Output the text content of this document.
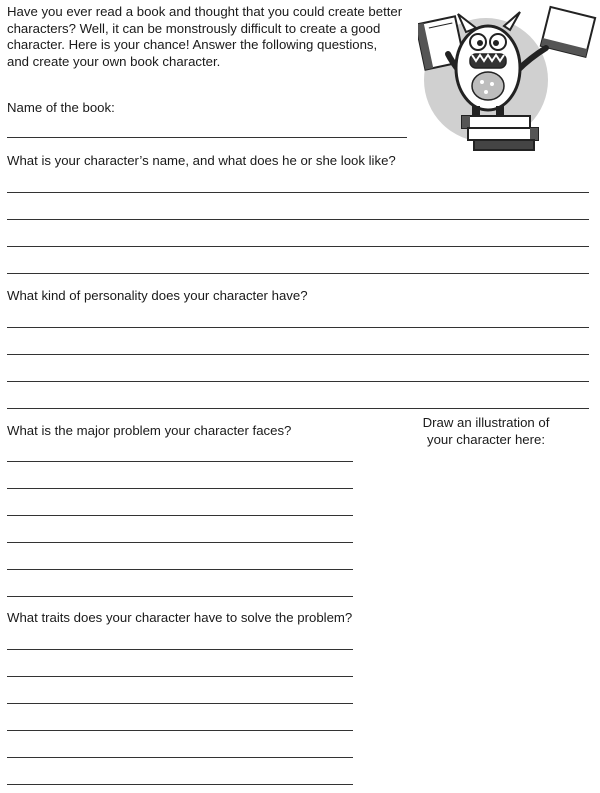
Have you ever read a book and thought that you could create better
characters? Well, it can be monstrously difficult to create a good
character. Here is your chance! Answer the following questions,
and create your own book character.
Name of the book:
What is your character’s name, and what does he or she look like?
What kind of personality does your character have?
Draw an illustration of
your character here:
What is the major problem your character faces?
What traits does your character have to solve the problem?
